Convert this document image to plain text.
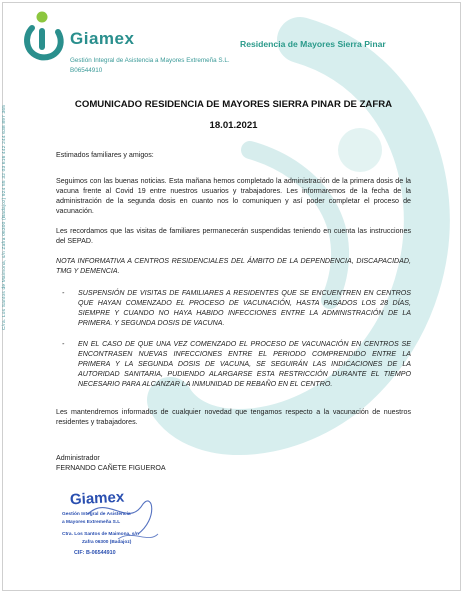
Giamex
Gestión Integral de Asistencia a Mayores Extremeña S.L.
B06544910
Residencia de Mayores Sierra Pinar
C/ra. Los Santos de Maimona, s/n Zafra 06300 (Badajoz) 924 55 32 03 616 442 244 638 897 365
COMUNICADO RESIDENCIA DE MAYORES SIERRA PINAR DE ZAFRA
18.01.2021

Estimados familiares y amigos:

Seguimos con las buenas noticias. Esta mañana hemos completado la administración de la primera dosis de la vacuna frente al Covid 19 entre nuestros usuarios y trabajadores. Les informaremos de la fecha de la administración de la segunda dosis en cuanto nos lo comuniquen y así poder completar el proceso de vacunación.

Les recordamos que las visitas de familiares permanecerán suspendidas teniendo en cuenta las instrucciones del SEPAD.

NOTA INFORMATIVA A CENTROS RESIDENCIALES DEL ÁMBITO DE LA DEPENDENCIA, DISCAPACIDAD, TMG Y DEMENCIA.

- SUSPENSIÓN DE VISITAS DE FAMILIARES A RESIDENTES QUE SE ENCUENTREN EN CENTROS QUE HAYAN COMENZADO EL PROCESO DE VACUNACIÓN, HASTA PASADOS LOS 28 DÍAS, SIEMPRE Y CUANDO NO HAYA HABIDO INFECCIONES ENTRE LA ADMINISTRACIÓN DE LA PRIMERA. Y SEGUNDA DOSIS DE VACUNA.
- EN EL CASO DE QUE UNA VEZ COMENZADO EL PROCESO DE VACUNACIÓN EN CENTROS SE ENCONTRASEN NUEVAS INFECCIONES ENTRE EL PERIODO COMPRENDIDO ENTRE LA PRIMERA Y LA SEGUNDA DOSIS DE VACUNA, SE SEGUIRÁN LAS INDICACIONES DE LA AUTORIDAD SANITARIA, PUDIENDO ALARGARSE ESTA RESTRICCIÓN DURANTE EL TIEMPO NECESARIO PARA ALCANZAR LA INMUNIDAD DE REBAÑO EN EL CENTRO.

Les mantendremos informados de cualquier novedad que tengamos respecto a la vacunación de nuestros residentes y trabajadores.

Administrador
FERNANDO CAÑETE FIGUEROA
Giamex
Gestión Integral de Asistencia
a Mayores Extremeña S.L
Ctra. Los Santos de Maimona, s/n
Zafra 06300 (Badajoz)
CIF: B-06544910
